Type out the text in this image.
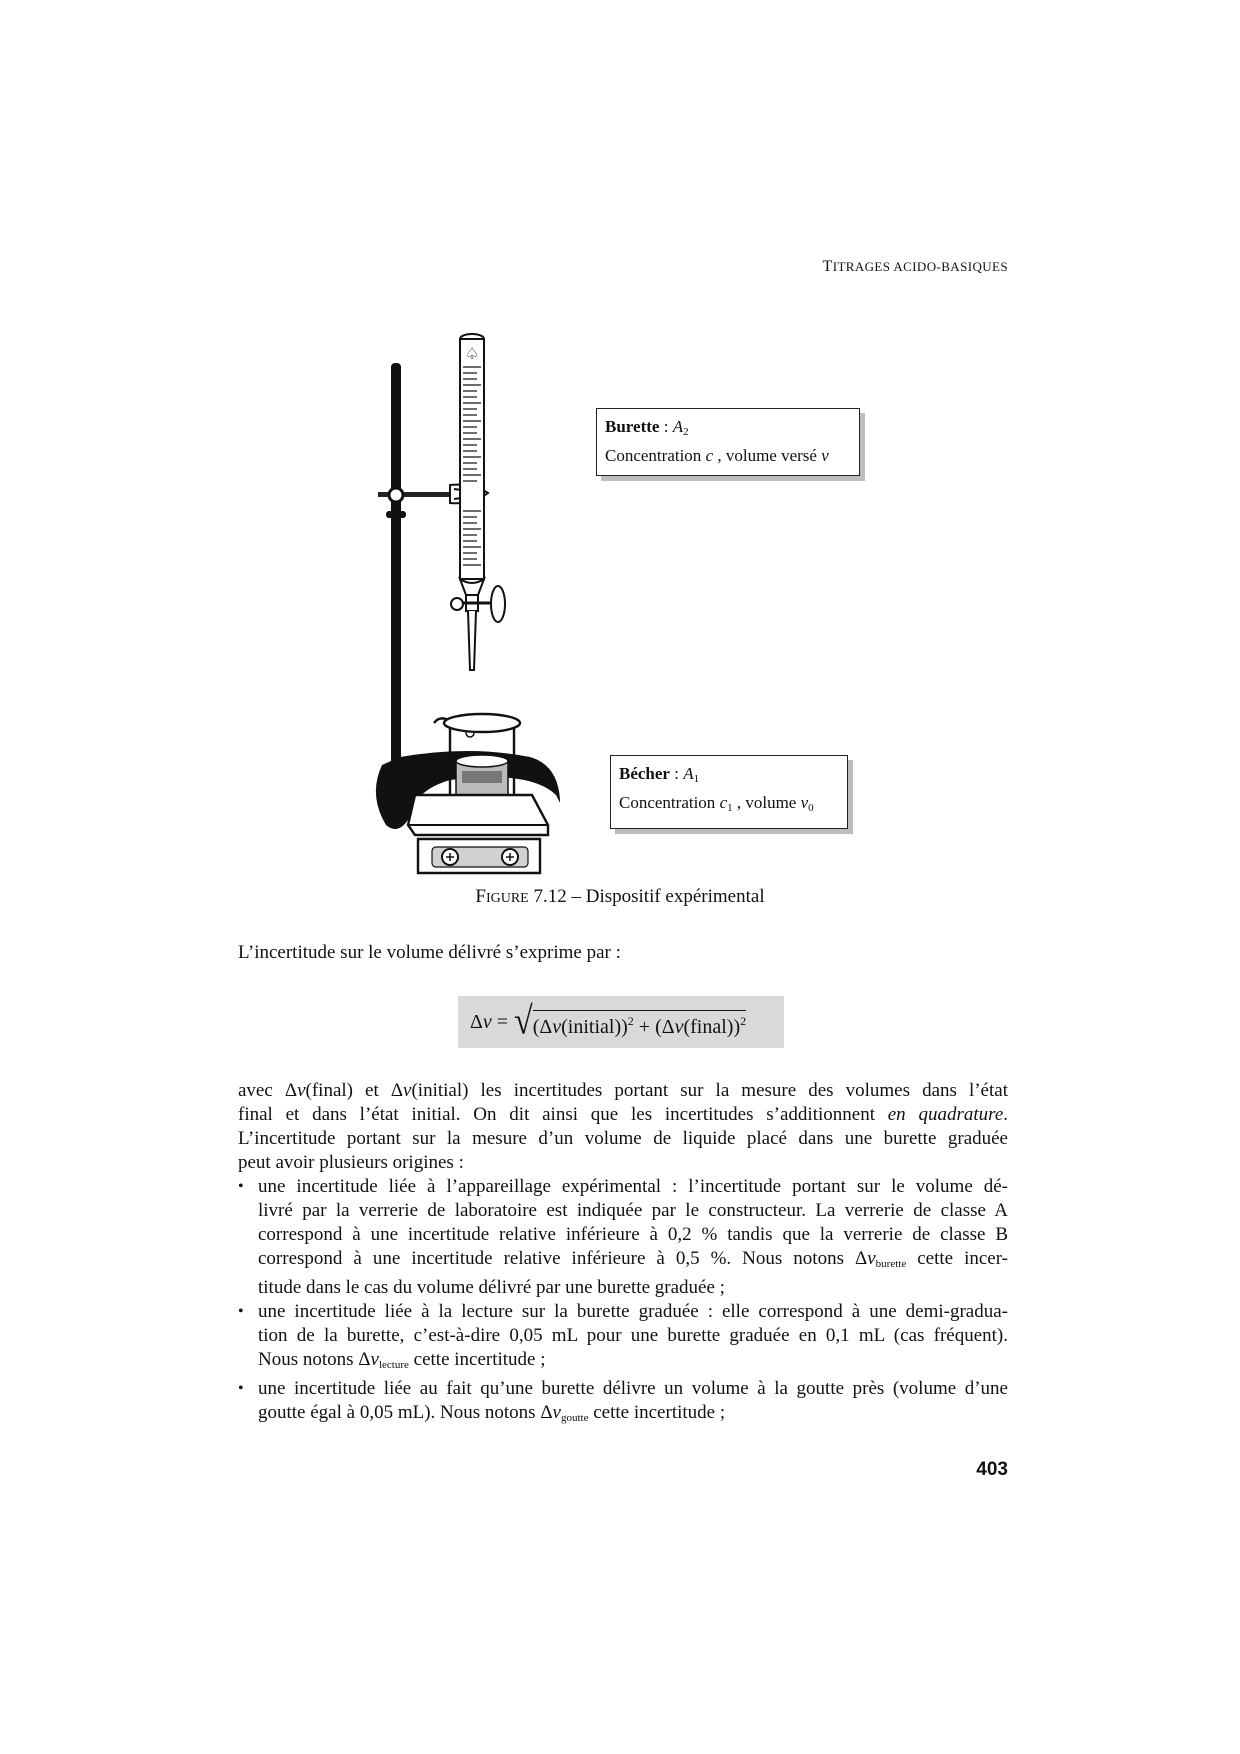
TITRAGES ACIDO-BASIQUES
♤
Burette : $A_2$
Concentration c , volume versé v
Bécher : $A_1$
Concentration $c_1$ , volume $v_0$
FIGURE 7.12 – Dispositif expérimental
L’incertitude sur le volume délivré s’exprime par :
Δv = √ (Δv(initial))$^2$ + (Δv(final))$^2$
avec Δv(final) et Δv(initial) les incertitudes portant sur la mesure des volumes dans l’état
final et dans l’état initial. On dit ainsi que les incertitudes s’additionnent en quadrature.
L’incertitude portant sur la mesure d’un volume de liquide placé dans une burette graduée
peut avoir plusieurs origines :
• une incertitude liée à l’appareillage expérimental : l’incertitude portant sur le volume dé-
livré par la verrerie de laboratoire est indiquée par le constructeur. La verrerie de classe A
correspond à une incertitude relative inférieure à 0,2 % tandis que la verrerie de classe B
correspond à une incertitude relative inférieure à 0,5 %. Nous notons $\Delta v_{burette}$ cette incer-
titude dans le cas du volume délivré par une burette graduée ;
• une incertitude liée à la lecture sur la burette graduée : elle correspond à une demi-gradua-
tion de la burette, c’est-à-dire 0,05 mL pour une burette graduée en 0,1 mL (cas fréquent).
Nous notons $\Delta v_{lecture}$ cette incertitude ;
• une incertitude liée au fait qu’une burette délivre un volume à la goutte près (volume d’une
goutte égal à 0,05 mL). Nous notons $\Delta v_{goutte}$ cette incertitude ;
403
